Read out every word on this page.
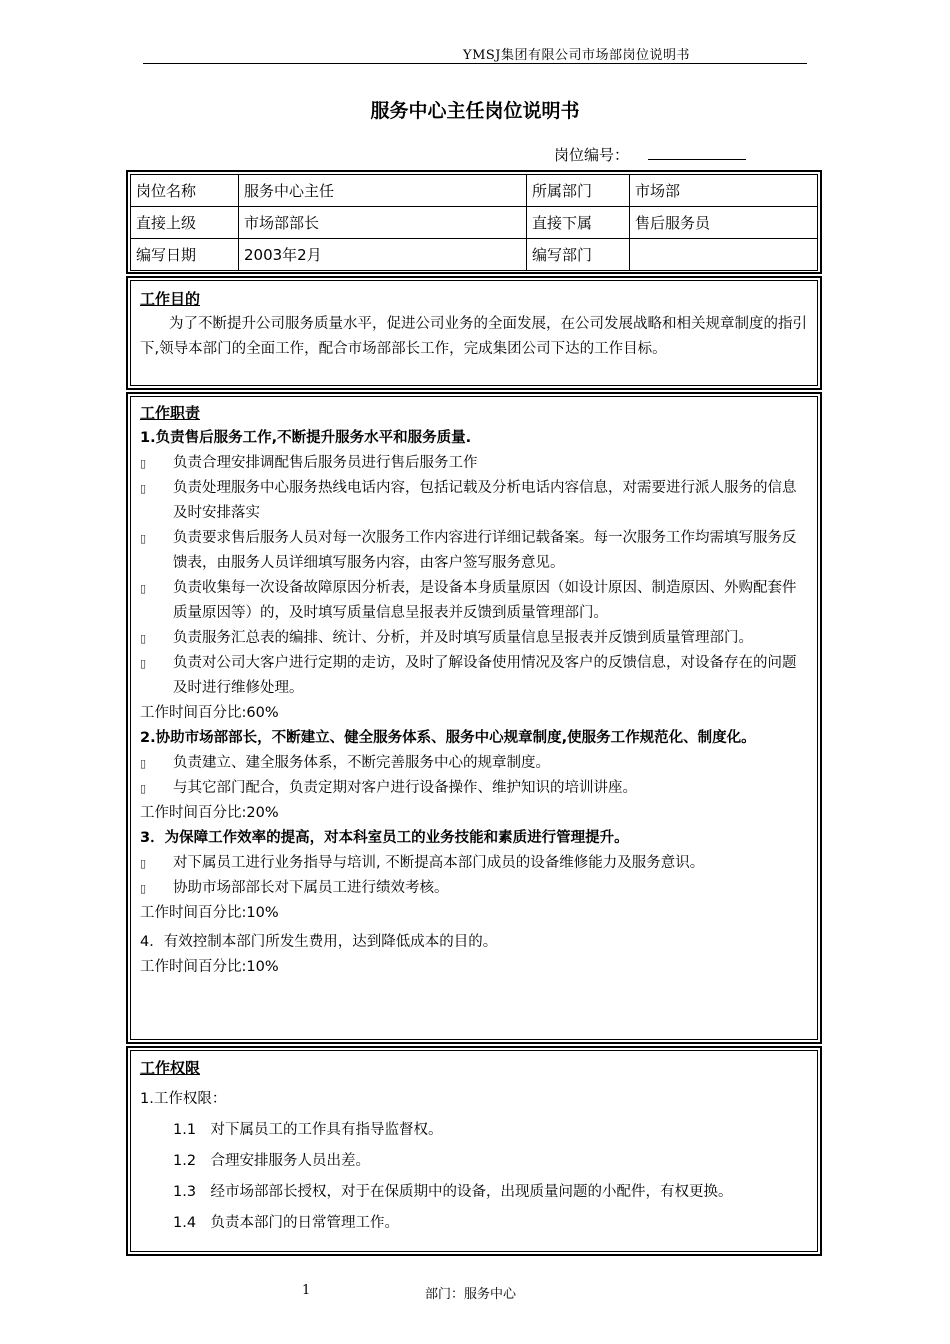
YMSJ集团有限公司市场部岗位说明书
服务中心主任岗位说明书
岗位编号：
岗位名称	服务中心主任	所属部门	市场部
直接上级	市场部部长	直接下属	售后服务员
编写日期	2003年2月	编写部门	
工作目的
为了不断提升公司服务质量水平，促进公司业务的全面发展，在公司发展战略和相关规章制度的指引下,领导本部门的全面工作，配合市场部部长工作，完成集团公司下达的工作目标。
工作职责
1.负责售后服务工作,不断提升服务水平和服务质量.
▯	负责合理安排调配售后服务员进行售后服务工作
▯	负责处理服务中心服务热线电话内容，包括记载及分析电话内容信息，对需要进行派人服务的信息及时安排落实
▯	负责要求售后服务人员对每一次服务工作内容进行详细记载备案。每一次服务工作均需填写服务反馈表，由服务人员详细填写服务内容，由客户签写服务意见。
▯	负责收集每一次设备故障原因分析表，是设备本身质量原因（如设计原因、制造原因、外购配套件质量原因等）的，及时填写质量信息呈报表并反馈到质量管理部门。
▯	负责服务汇总表的编排、统计、分析，并及时填写质量信息呈报表并反馈到质量管理部门。
▯	负责对公司大客户进行定期的走访，及时了解设备使用情况及客户的反馈信息，对设备存在的问题及时进行维修处理。
工作时间百分比:60%
2.协助市场部部长，不断建立、健全服务体系、服务中心规章制度,使服务工作规范化、制度化。
▯	负责建立、建全服务体系，不断完善服务中心的规章制度。
▯	与其它部门配合，负责定期对客户进行设备操作、维护知识的培训讲座。
工作时间百分比:20%
3．为保障工作效率的提高，对本科室员工的业务技能和素质进行管理提升。
▯	对下属员工进行业务指导与培训, 不断提高本部门成员的设备维修能力及服务意识。
▯	协助市场部部长对下属员工进行绩效考核。
工作时间百分比:10%
4．有效控制本部门所发生费用，达到降低成本的目的。
工作时间百分比:10%
工作权限
1.工作权限：
1.1　对下属员工的工作具有指导监督权。
1.2　合理安排服务人员出差。
1.3　经市场部部长授权，对于在保质期中的设备，出现质量问题的小配件，有权更换。
1.4　负责本部门的日常管理工作。
1	部门：服务中心
